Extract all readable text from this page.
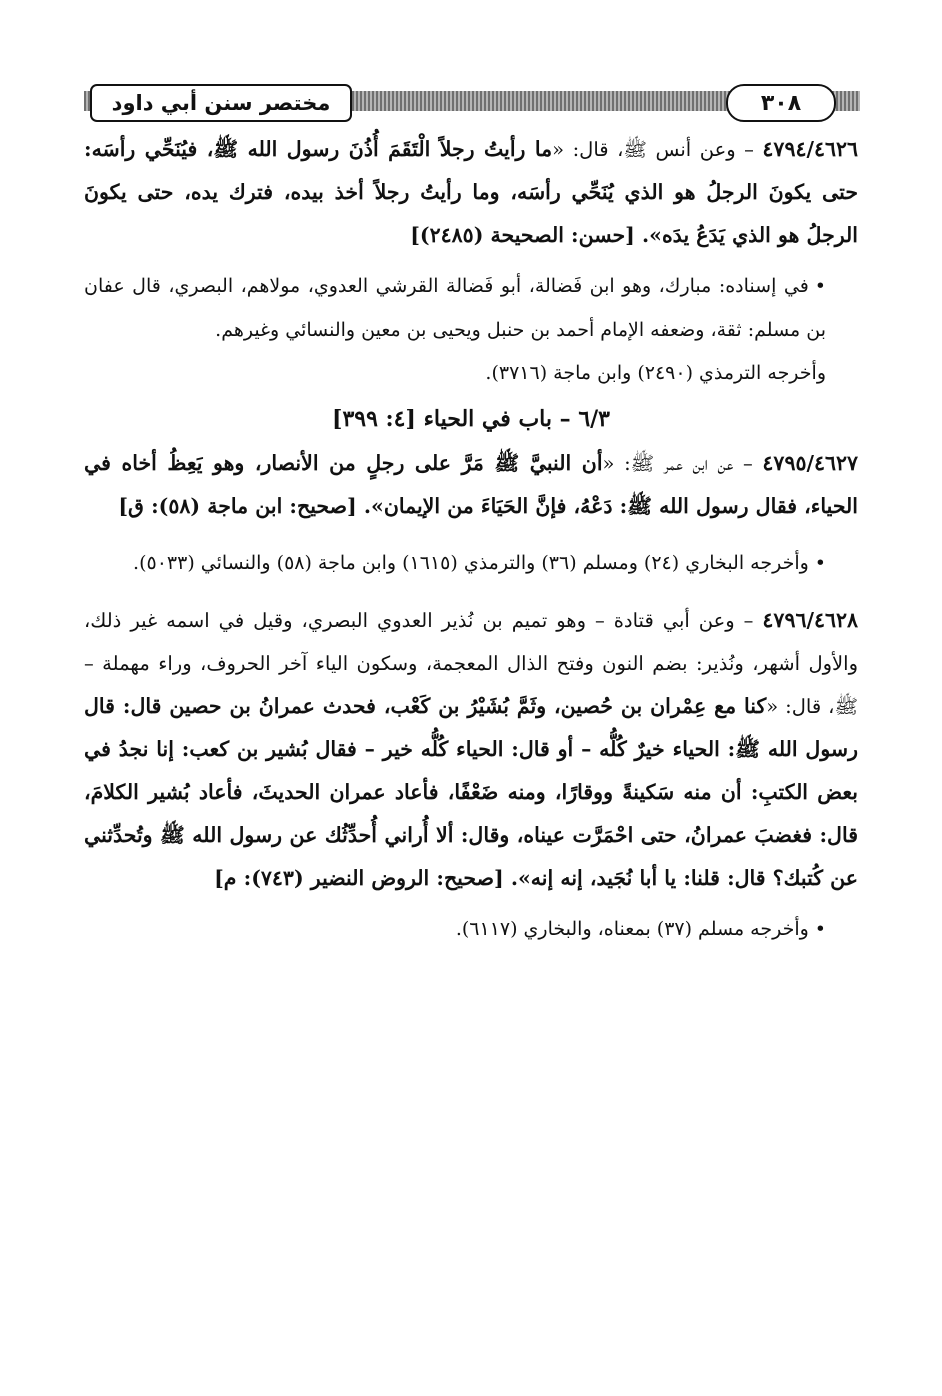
مختصر سنن أبي داود	٣٠٨
٤٧٩٤/٤٦٢٦ – وعن أنس ﷺ، قال: «ما رأيتُ رجلاً الْتَقَمَ أُذُنَ رسول الله ﷺ، فيُنَحِّي رأسَه: حتى يكونَ الرجلُ هو الذي يُنَحِّي رأسَه، وما رأيتُ رجلاً أخذ بيده، فترك يده، حتى يكونَ الرجلُ هو الذي يَدَعُ يدَه». [حسن: الصحيحة (٢٤٨٥)]
•في إسناده: مبارك، وهو ابن فَضالة، أبو فَضالة القرشي العدوي، مولاهم، البصري، قال عفان بن مسلم: ثقة، وضعفه الإمام أحمد بن حنبل ويحيى بن معين والنسائي وغيرهم.
وأخرجه الترمذي (٢٤٩٠) وابن ماجة (٣٧١٦).
٦/٣ – باب في الحياء [٤: ٣٩٩]
٤٧٩٥/٤٦٢٧ – عن ابن عمر ﷺ: «أن النبيَّ ﷺ مَرَّ على رجلٍ من الأنصار، وهو يَعِظُ أخاه في الحياء، فقال رسول الله ﷺ: دَعْهُ، فإنَّ الحَيَاءَ من الإيمان». [صحيح: ابن ماجة (٥٨): ق]
•وأخرجه البخاري (٢٤) ومسلم (٣٦) والترمذي (١٦١٥) وابن ماجة (٥٨) والنسائي (٥٠٣٣).
٤٧٩٦/٤٦٢٨ – وعن أبي قتادة – وهو تميم بن نُذير العدوي البصري، وقيل في اسمه غير ذلك، والأول أشهر، ونُذير: بضم النون وفتح الذال المعجمة، وسكون الياء آخر الحروف، وراء مهملة – ﷺ، قال: «كنا مع عِمْران بن حُصين، وثَمَّ بُشَيْرُ بن كَعْب، فحدث عمرانُ بن حصين قال: قال رسول الله ﷺ: الحياء خيرٌ كُلُّه – أو قال: الحياء كُلُّه خير – فقال بُشير بن كعب: إنا نجدُ في بعض الكتبِ: أن منه سَكينةً ووقارًا، ومنه ضَعْفًا، فأعاد عمران الحديثَ، فأعاد بُشير الكلامَ، قال: فغضبَ عمرانُ، حتى احْمَرَّت عيناه، وقال: ألا أُراني أُحدِّثُك عن رسول الله ﷺ وتُحدِّثني عن كُتبك؟ قال: قلنا: يا أبا نُجَيد، إنه إنه». [صحيح: الروض النضير (٧٤٣): م]
•وأخرجه مسلم (٣٧) بمعناه، والبخاري (٦١١٧).
